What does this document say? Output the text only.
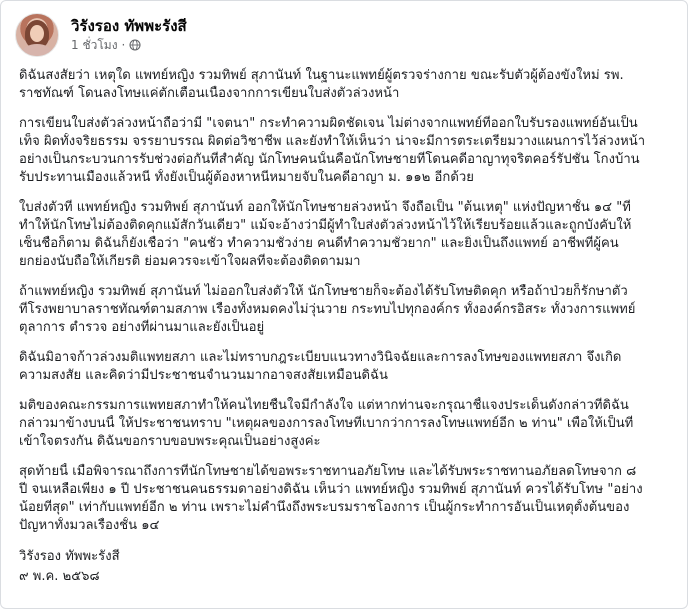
วิรังรอง ทัพพะรังสี
1 ชั่วโมง ·
ดิฉันสงสัยว่า เหตุใด แพทย์หญิง รวมทิพย์ สุภานันท์ ในฐานะแพทย์ผู้ตรวจร่างกาย ขณะรับตัวผู้ต้องขังใหม่ รพ.
ราชทัณฑ์ โดนลงโทษแค่ตักเตือนเนื่องจากการเขียนใบส่งตัวล่วงหน้า
การเขียนใบส่งตัวล่วงหน้าถือว่ามี "เจตนา" กระทำความผิดชัดเจน ไม่ต่างจากแพทย์ที่ออกใบรับรองแพทย์อันเป็น
เท็จ ผิดทั้งจริยธรรม จรรยาบรรณ ผิดต่อวิชาชีพ และยังทำให้เห็นว่า น่าจะมีการตระเตรียมวางแผนการไว้ล่วงหน้า
อย่างเป็นกระบวนการรับช่วงต่อกันที่สำคัญ นักโทษคนนั้นคือนักโทษชายที่โดนคดีอาญาทุจริตคอร์รัปชั่น โกงบ้าน
รับประทานเมืองแล้วหนี ทั้งยังเป็นผู้ต้องหาหนีหมายจับในคดีอาญา ม. ๑๑๒ อีกด้วย
ใบส่งตัวที่ แพทย์หญิง รวมทิพย์ สุภานันท์ ออกให้นักโทษชายล่วงหน้า จึงถือเป็น "ต้นเหตุ" แห่งปัญหาชั้น ๑๔ "ที่
ทำให้นักโทษไม่ต้องติดคุกแม้สักวันเดียว" แม้จะอ้างว่ามีผู้ทำใบส่งตัวล่วงหน้าไว้ให้เรียบร้อยแล้วและถูกบังคับให้
เซ็นชื่อก็ตาม ดิฉันก็ยังเชื่อว่า "คนชั่ว ทำความชั่วง่าย คนดีทำความชั่วยาก" และยิ่งเป็นถึงแพทย์ อาชีพที่ผู้คน
ยกย่องนับถือให้เกียรติ ย่อมควรจะเข้าใจผลที่จะต้องติดตามมา
ถ้าแพทย์หญิง รวมทิพย์ สุภานันท์ ไม่ออกใบส่งตัวให้ นักโทษชายก็จะต้องได้รับโทษติดคุก หรือถ้าป่วยก็รักษาตัว
ที่โรงพยาบาลราชทัณฑ์ตามสภาพ เรื่องทั้งหมดคงไม่วุ่นวาย กระทบไปทุกองค์กร ทั้งองค์กรอิสระ ทั้งวงการแพทย์
ตุลาการ ตำรวจ อย่างที่ผ่านมาและยังเป็นอยู่
ดิฉันมิอาจก้าวล่วงมติแพทยสภา และไม่ทราบกฎระเบียบแนวทางวินิจฉัยและการลงโทษของแพทยสภา จึงเกิด
ความสงสัย และคิดว่ามีประชาชนจำนวนมากอาจสงสัยเหมือนดิฉัน
มติของคณะกรรมการแพทยสภาทำให้คนไทยชื่นใจมีกำลังใจ แต่หากท่านจะกรุณาชี้แจงประเด็นดังกล่าวที่ดิฉัน
กล่าวมาข้างบนนี้ ให้ประชาชนทราบ "เหตุผลของการลงโทษที่เบากว่าการลงโทษแพทย์อีก ๒ ท่าน" เพื่อให้เป็นที่
เข้าใจตรงกัน ดิฉันขอกราบขอบพระคุณเป็นอย่างสูงค่ะ
สุดท้ายนี้ เมื่อพิจารณาถึงการที่นักโทษชายได้ขอพระราชทานอภัยโทษ และได้รับพระราชทานอภัยลดโทษจาก ๘
ปี จนเหลือเพียง ๑ ปี ประชาชนคนธรรมดาอย่างดิฉัน เห็นว่า แพทย์หญิง รวมทิพย์ สุภานันท์ ควรได้รับโทษ "อย่าง
น้อยที่สุด" เท่ากับแพทย์อีก ๒ ท่าน เพราะไม่คำนึงถึงพระบรมราชโองการ เป็นผู้กระทำการอันเป็นเหตุตั้งต้นของ
ปัญหาทั้งมวลเรื่องชั้น ๑๔

วิรังรอง ทัพพะรังสี

๙ พ.ค. ๒๕๖๘
